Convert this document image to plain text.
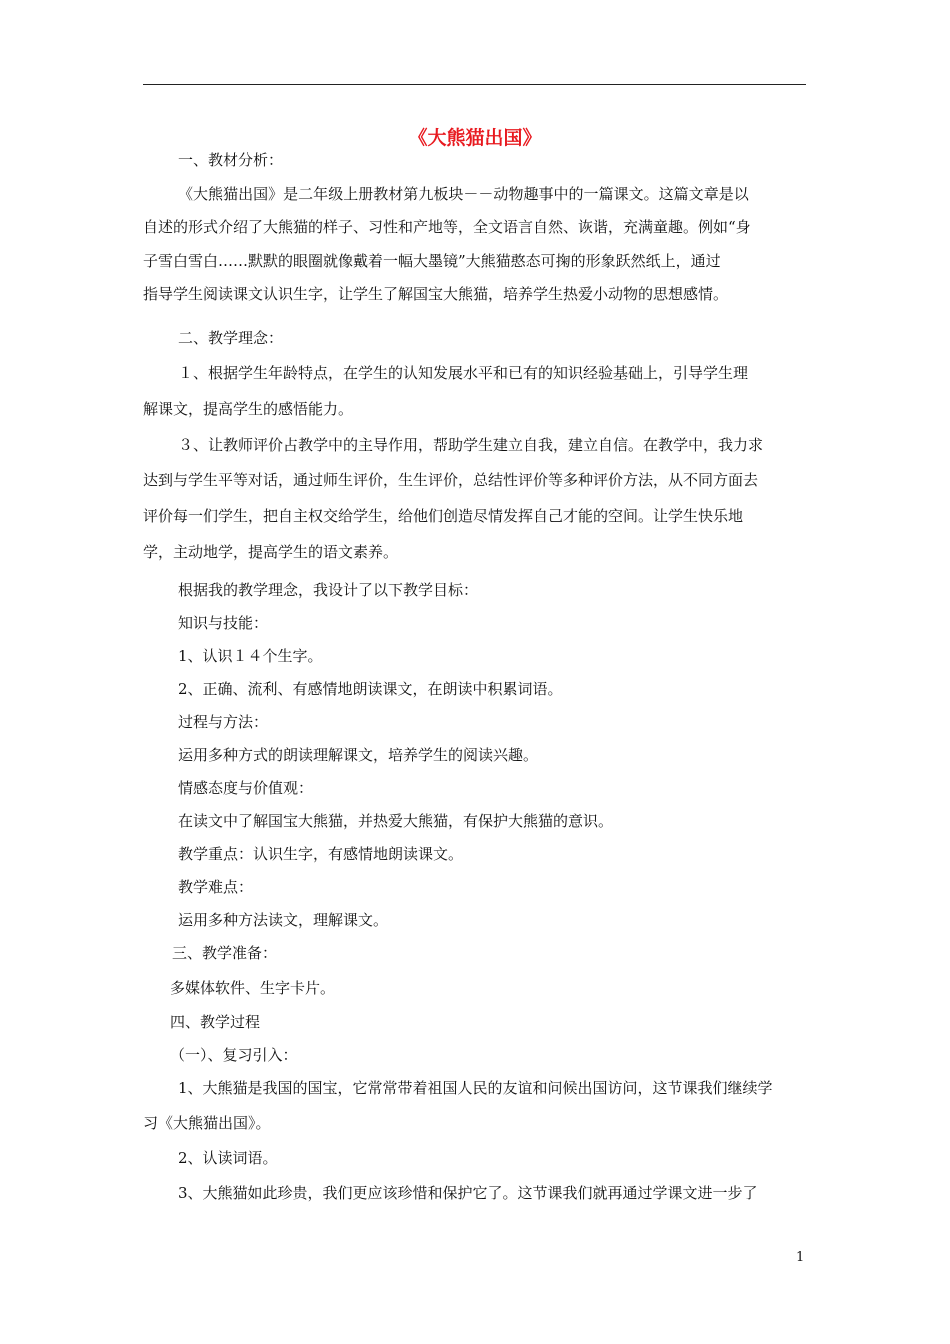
《大熊猫出国》
一、教材分析：
《大熊猫出国》是二年级上册教材第九板块－－动物趣事中的一篇课文。这篇文章是以
自述的形式介绍了大熊猫的样子、习性和产地等，全文语言自然、诙谐，充满童趣。例如“身
子雪白雪白……默默的眼圈就像戴着一幅大墨镜”大熊猫憨态可掬的形象跃然纸上，通过
指导学生阅读课文认识生字，让学生了解国宝大熊猫，培养学生热爱小动物的思想感情。
二、教学理念：
１、根据学生年龄特点，在学生的认知发展水平和已有的知识经验基础上，引导学生理
解课文，提高学生的感悟能力。
３、让教师评价占教学中的主导作用，帮助学生建立自我，建立自信。在教学中，我力求
达到与学生平等对话，通过师生评价，生生评价，总结性评价等多种评价方法，从不同方面去
评价每一们学生，把自主权交给学生，给他们创造尽情发挥自己才能的空间。让学生快乐地
学，主动地学，提高学生的语文素养。
根据我的教学理念，我设计了以下教学目标：
知识与技能：
1、认识１４个生字。
2、正确、流利、有感情地朗读课文，在朗读中积累词语。
过程与方法：
运用多种方式的朗读理解课文，培养学生的阅读兴趣。
情感态度与价值观：
在读文中了解国宝大熊猫，并热爱大熊猫，有保护大熊猫的意识。
教学重点：认识生字，有感情地朗读课文。
教学难点：
运用多种方法读文，理解课文。
三、教学准备：
多媒体软件、生字卡片。
四、教学过程
（一）、复习引入：
1、大熊猫是我国的国宝，它常常带着祖国人民的友谊和问候出国访问，这节课我们继续学
习《大熊猫出国》。
2、认读词语。
3、大熊猫如此珍贵，我们更应该珍惜和保护它了。这节课我们就再通过学课文进一步了
1
